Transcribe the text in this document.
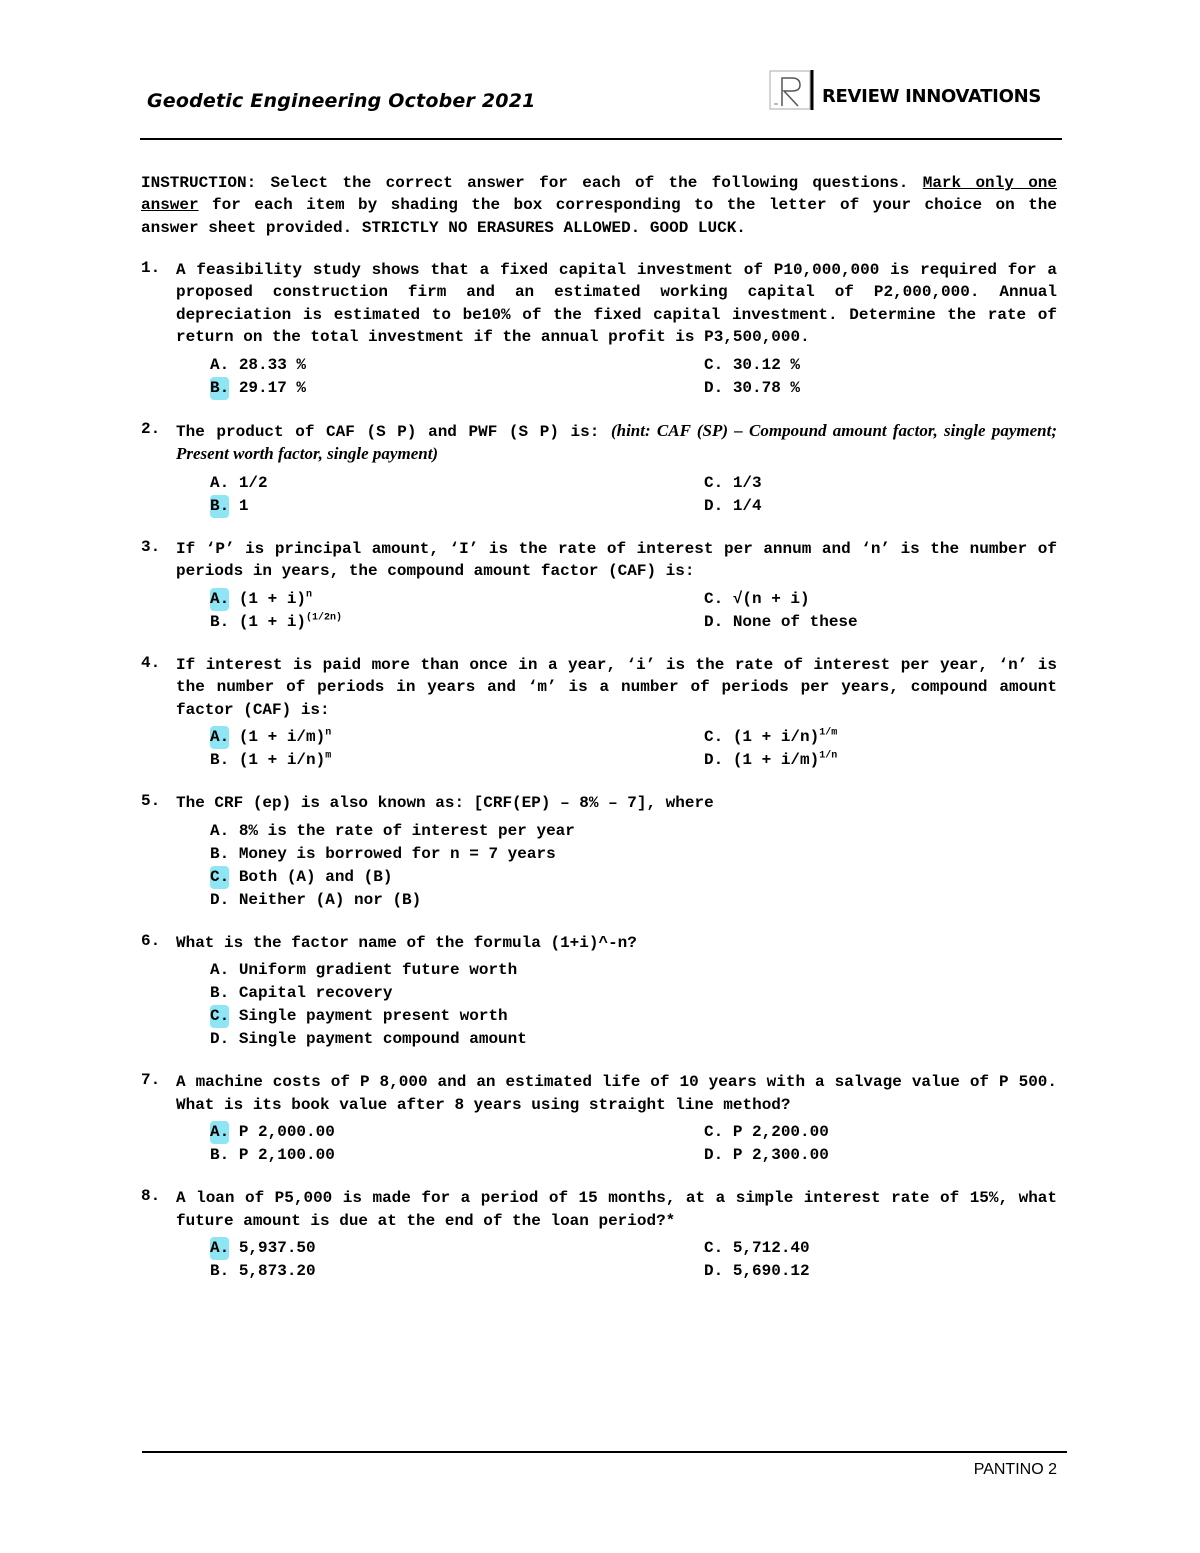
Geodetic Engineering October 2021	REVIEW INNOVATIONS

INSTRUCTION: Select the correct answer for each of the following questions. Mark only one answer for each item by shading the box corresponding to the letter of your choice on the answer sheet provided. STRICTLY NO ERASURES ALLOWED. GOOD LUCK.

1. A feasibility study shows that a fixed capital investment of P10,000,000 is required for a proposed construction firm and an estimated working capital of P2,000,000. Annual depreciation is estimated to be10% of the fixed capital investment. Determine the rate of return on the total investment if the annual profit is P3,500,000.
A. 28.33 %	C. 30.12 %
B. 29.17 %	D. 30.78 %
2. The product of CAF (S P) and PWF (S P) is: (hint: CAF (SP) – Compound amount factor, single payment; Present worth factor, single payment)
A. 1/2	C. 1/3
B. 1	D. 1/4
3. If ‘P’ is principal amount, ‘I’ is the rate of interest per annum and ‘n’ is the number of periods in years, the compound amount factor (CAF) is:
A. $(1 + i)^n$	C. √(n + i)
B. $(1 + i)^{(1/2n)}$	D. None of these
4. If interest is paid more than once in a year, ‘i’ is the rate of interest per year, ‘n’ is the number of periods in years and ‘m’ is a number of periods per years, compound amount factor (CAF) is:
A. $(1 + i/m)^n$	C. $(1 + i/n)^{1/m}$
B. $(1 + i/n)^m$	D. $(1 + i/m)^{1/n}$
5. The CRF (ep) is also known as: [CRF(EP) – 8% – 7], where
A. 8% is the rate of interest per year
B. Money is borrowed for n = 7 years
C. Both (A) and (B)
D. Neither (A) nor (B)
6. What is the factor name of the formula (1+i)^-n?
A. Uniform gradient future worth
B. Capital recovery
C. Single payment present worth
D. Single payment compound amount
7. A machine costs of P 8,000 and an estimated life of 10 years with a salvage value of P 500. What is its book value after 8 years using straight line method?
A. P 2,000.00	C. P 2,200.00
B. P 2,100.00	D. P 2,300.00
8. A loan of P5,000 is made for a period of 15 months, at a simple interest rate of 15%, what future amount is due at the end of the loan period?*
A. 5,937.50	C. 5,712.40
B. 5,873.20	D. 5,690.12
PANTINO 2
